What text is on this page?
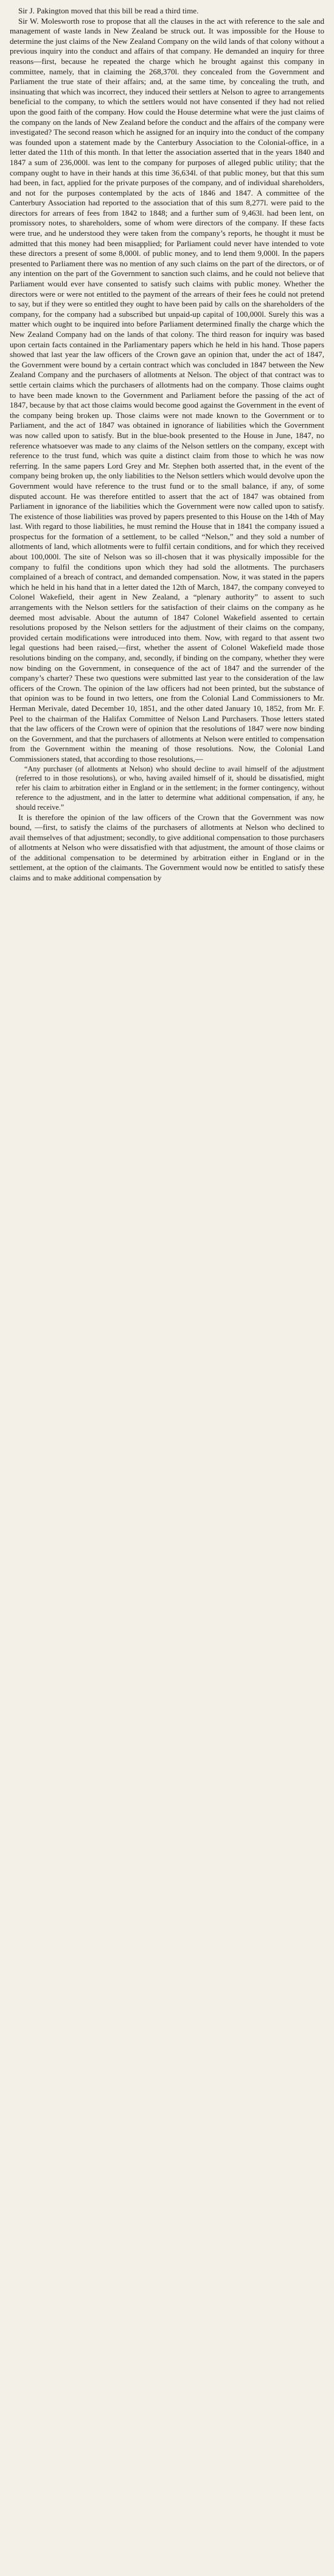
Sir J. Pakington moved that this bill be read a third time.

Sir W. Molesworth rose to propose that all the clauses in the act with reference to the sale and management of waste lands in New Zealand be struck out. It was impossible for the House to determine the just claims of the New Zealand Company on the wild lands of that colony without a previous inquiry into the conduct and affairs of that company. He demanded an inquiry for three reasons—first, because he repeated the charge which he brought against this company in committee, namely, that in claiming the 268,370l. they concealed from the Government and Parliament the true state of their affairs; and, at the same time, by concealing the truth, and insinuating that which was incorrect, they induced their settlers at Nelson to agree to arrangements beneficial to the company, to which the settlers would not have consented if they had not relied upon the good faith of the company. How could the House determine what were the just claims of the company on the lands of New Zealand before the conduct and the affairs of the company were investigated? The second reason which he assigned for an inquiry into the conduct of the company was founded upon a statement made by the Canterbury Association to the Colonial-office, in a letter dated the 11th of this month. In that letter the association asserted that in the years 1840 and 1847 a sum of 236,000l. was lent to the company for purposes of alleged public utility; that the company ought to have in their hands at this time 36,634l. of that public money, but that this sum had been, in fact, applied for the private purposes of the company, and of individual shareholders, and not for the purposes contemplated by the acts of 1846 and 1847. A committee of the Canterbury Association had reported to the association that of this sum 8,277l. were paid to the directors for arrears of fees from 1842 to 1848; and a further sum of 9,463l. had been lent, on promissory notes, to shareholders, some of whom were directors of the company. If these facts were true, and he understood they were taken from the company’s reports, he thought it must be admitted that this money had been misapplied; for Parliament could never have intended to vote these directors a present of some 8,000l. of public money, and to lend them 9,000l. In the papers presented to Parliament there was no mention of any such claims on the part of the directors, or of any intention on the part of the Government to sanction such claims, and he could not believe that Parliament would ever have consented to satisfy such claims with public money. Whether the directors were or were not entitled to the payment of the arrears of their fees he could not pretend to say, but if they were so entitled they ought to have been paid by calls on the shareholders of the company, for the company had a subscribed but unpaid-up capital of 100,000l. Surely this was a matter which ought to be inquired into before Parliament determined finally the charge which the New Zealand Company had on the lands of that colony. The third reason for inquiry was based upon certain facts contained in the Parliamentary papers which he held in his hand. Those papers showed that last year the law officers of the Crown gave an opinion that, under the act of 1847, the Government were bound by a certain contract which was concluded in 1847 between the New Zealand Company and the purchasers of allotments at Nelson. The object of that contract was to settle certain claims which the purchasers of allotments had on the company. Those claims ought to have been made known to the Government and Parliament before the passing of the act of 1847, because by that act those claims would become good against the Government in the event of the company being broken up. Those claims were not made known to the Government or to Parliament, and the act of 1847 was obtained in ignorance of liabilities which the Government was now called upon to satisfy. But in the blue-book presented to the House in June, 1847, no reference whatsoever was made to any claims of the Nelson settlers on the company, except with reference to the trust fund, which was quite a distinct claim from those to which he was now referring. In the same papers Lord Grey and Mr. Stephen both asserted that, in the event of the company being broken up, the only liabilities to the Nelson settlers which would devolve upon the Government would have reference to the trust fund or to the small balance, if any, of some disputed account. He was therefore entitled to assert that the act of 1847 was obtained from Parliament in ignorance of the liabilities which the Government were now called upon to satisfy. The existence of those liabilities was proved by papers presented to this House on the 14th of May last. With regard to those liabilities, he must remind the House that in 1841 the company issued a prospectus for the formation of a settlement, to be called “Nelson,” and they sold a number of allotments of land, which allotments were to fulfil certain conditions, and for which they received about 100,000l. The site of Nelson was so ill-chosen that it was physically impossible for the company to fulfil the conditions upon which they had sold the allotments. The purchasers complained of a breach of contract, and demanded compensation. Now, it was stated in the papers which he held in his hand that in a letter dated the 12th of March, 1847, the company conveyed to Colonel Wakefield, their agent in New Zealand, a “plenary authority” to assent to such arrangements with the Nelson settlers for the satisfaction of their claims on the company as he deemed most advisable. About the autumn of 1847 Colonel Wakefield assented to certain resolutions proposed by the Nelson settlers for the adjustment of their claims on the company, provided certain modifications were introduced into them. Now, with regard to that assent two legal questions had been raised,—first, whether the assent of Colonel Wakefield made those resolutions binding on the company, and, secondly, if binding on the company, whether they were now binding on the Government, in consequence of the act of 1847 and the surrender of the company’s charter? These two questions were submitted last year to the consideration of the law officers of the Crown. The opinion of the law officers had not been printed, but the substance of that opinion was to be found in two letters, one from the Colonial Land Commissioners to Mr. Herman Merivale, dated December 10, 1851, and the other dated January 10, 1852, from Mr. F. Peel to the chairman of the Halifax Committee of Nelson Land Purchasers. Those letters stated that the law officers of the Crown were of opinion that the resolutions of 1847 were now binding on the Government, and that the purchasers of allotments at Nelson were entitled to compensation from the Government within the meaning of those resolutions. Now, the Colonial Land Commissioners stated, that according to those resolutions,—

“Any purchaser (of allotments at Nelson) who should decline to avail himself of the adjustment (referred to in those resolutions), or who, having availed himself of it, should be dissatisfied, might refer his claim to arbitration either in England or in the settlement; in the former contingency, without reference to the adjustment, and in the latter to determine what additional compensation, if any, he should receive.”

It is therefore the opinion of the law officers of the Crown that the Government was now bound, —first, to satisfy the claims of the purchasers of allotments at Nelson who declined to avail themselves of that adjustment; secondly, to give additional compensation to those purchasers of allotments at Nelson who were dissatisfied with that adjustment, the amount of those claims or of the additional compensation to be determined by arbitration either in England or in the settlement, at the option of the claimants. The Government would now be entitled to satisfy these claims and to make additional compensation by
